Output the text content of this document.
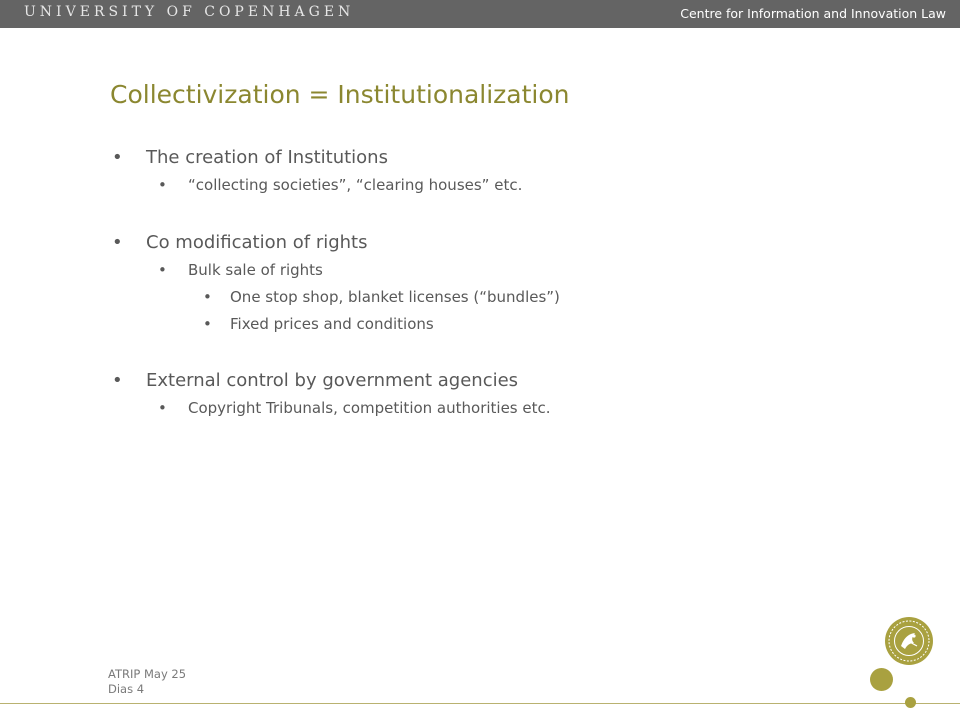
UNIVERSITY OF COPENHAGEN	Centre for Information and Innovation Law
Collectivization = Institutionalization
• The creation of Institutions
• “collecting societies”, “clearing houses” etc.
• Co modification of rights
• Bulk sale of rights
• One stop shop, blanket licenses (“bundles”)
• Fixed prices and conditions
• External control by government agencies
• Copyright Tribunals, competition authorities etc.
ATRIP May 25
Dias 4
